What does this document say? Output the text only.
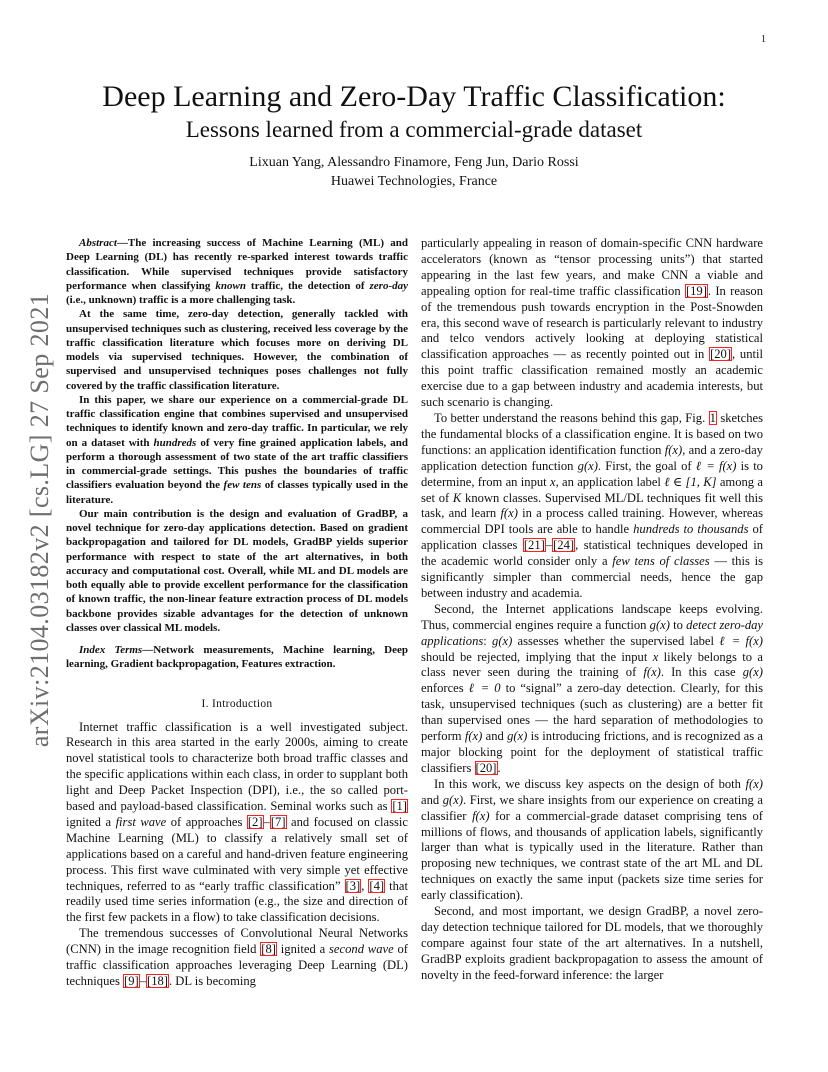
1
arXiv:2104.03182v2 [cs.LG] 27 Sep 2021
Deep Learning and Zero-Day Traffic Classification:
Lessons learned from a commercial-grade dataset
Lixuan Yang, Alessandro Finamore, Feng Jun, Dario Rossi
Huawei Technologies, France

Abstract—The increasing success of Machine Learning (ML) and Deep Learning (DL) has recently re-sparked interest towards traffic classification. While supervised techniques provide satisfactory performance when classifying known traffic, the detection of zero-day (i.e., unknown) traffic is a more challenging task.

At the same time, zero-day detection, generally tackled with unsupervised techniques such as clustering, received less coverage by the traffic classification literature which focuses more on deriving DL models via supervised techniques. However, the combination of supervised and unsupervised techniques poses challenges not fully covered by the traffic classification literature.

In this paper, we share our experience on a commercial-grade DL traffic classification engine that combines supervised and unsupervised techniques to identify known and zero-day traffic. In particular, we rely on a dataset with hundreds of very fine grained application labels, and perform a thorough assessment of two state of the art traffic classifiers in commercial-grade settings. This pushes the boundaries of traffic classifiers evaluation beyond the few tens of classes typically used in the literature.

Our main contribution is the design and evaluation of GradBP, a novel technique for zero-day applications detection. Based on gradient backpropagation and tailored for DL models, GradBP yields superior performance with respect to state of the art alternatives, in both accuracy and computational cost. Overall, while ML and DL models are both equally able to provide excellent performance for the classification of known traffic, the non-linear feature extraction process of DL models backbone provides sizable advantages for the detection of unknown classes over classical ML models.

Index Terms—Network measurements, Machine learning, Deep learning, Gradient backpropagation, Features extraction.

I. Introduction

Internet traffic classification is a well investigated subject. Research in this area started in the early 2000s, aiming to create novel statistical tools to characterize both broad traffic classes and the specific applications within each class, in order to supplant both light and Deep Packet Inspection (DPI), i.e., the so called port-based and payload-based classification. Seminal works such as [1] ignited a first wave of approaches [2]–[7] and focused on classic Machine Learning (ML) to classify a relatively small set of applications based on a careful and hand-driven feature engineering process. This first wave culminated with very simple yet effective techniques, referred to as “early traffic classification” [3], [4] that readily used time series information (e.g., the size and direction of the first few packets in a flow) to take classification decisions.

The tremendous successes of Convolutional Neural Networks (CNN) in the image recognition field [8] ignited a second wave of traffic classification approaches leveraging Deep Learning (DL) techniques [9]–[18]. DL is becoming

particularly appealing in reason of domain-specific CNN hardware accelerators (known as “tensor processing units”) that started appearing in the last few years, and make CNN a viable and appealing option for real-time traffic classification [19]. In reason of the tremendous push towards encryption in the Post-Snowden era, this second wave of research is particularly relevant to industry and telco vendors actively looking at deploying statistical classification approaches — as recently pointed out in [20], until this point traffic classification remained mostly an academic exercise due to a gap between industry and academia interests, but such scenario is changing.

To better understand the reasons behind this gap, Fig. 1 sketches the fundamental blocks of a classification engine. It is based on two functions: an application identification function f(x), and a zero-day application detection function g(x). First, the goal of ℓ = f(x) is to determine, from an input x, an application label ℓ ∈ [1, K] among a set of K known classes. Supervised ML/DL techniques fit well this task, and learn f(x) in a process called training. However, whereas commercial DPI tools are able to handle hundreds to thousands of application classes [21]–[24], statistical techniques developed in the academic world consider only a few tens of classes — this is significantly simpler than commercial needs, hence the gap between industry and academia.

Second, the Internet applications landscape keeps evolving. Thus, commercial engines require a function g(x) to detect zero-day applications: g(x) assesses whether the supervised label ℓ = f(x) should be rejected, implying that the input x likely belongs to a class never seen during the training of f(x). In this case g(x) enforces ℓ = 0 to “signal” a zero-day detection. Clearly, for this task, unsupervised techniques (such as clustering) are a better fit than supervised ones — the hard separation of methodologies to perform f(x) and g(x) is introducing frictions, and is recognized as a major blocking point for the deployment of statistical traffic classifiers [20].

In this work, we discuss key aspects on the design of both f(x) and g(x). First, we share insights from our experience on creating a classifier f(x) for a commercial-grade dataset comprising tens of millions of flows, and thousands of application labels, significantly larger than what is typically used in the literature. Rather than proposing new techniques, we contrast state of the art ML and DL techniques on exactly the same input (packets size time series for early classification).

Second, and most important, we design GradBP, a novel zero-day detection technique tailored for DL models, that we thoroughly compare against four state of the art alternatives. In a nutshell, GradBP exploits gradient backpropagation to assess the amount of novelty in the feed-forward inference: the larger
